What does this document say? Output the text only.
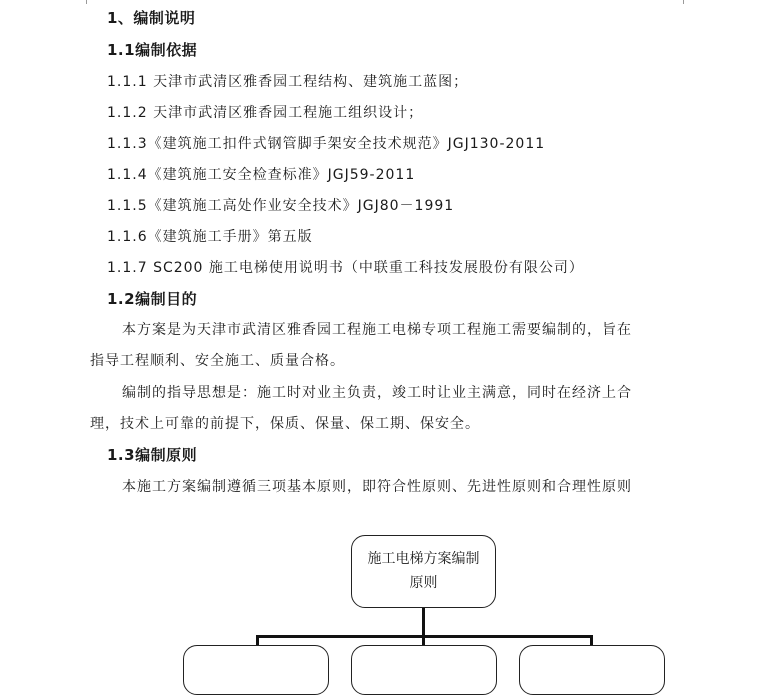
1、编制说明
1.1编制依据
1.1.1 天津市武清区雅香园工程结构、建筑施工蓝图；
1.1.2 天津市武清区雅香园工程施工组织设计；
1.1.3《建筑施工扣件式钢管脚手架安全技术规范》JGJ130-2011
1.1.4《建筑施工安全检查标准》JGJ59-2011
1.1.5《建筑施工高处作业安全技术》JGJ80－1991
1.1.6《建筑施工手册》第五版
1.1.7 SC200 施工电梯使用说明书（中联重工科技发展股份有限公司）
1.2编制目的
本方案是为天津市武清区雅香园工程施工电梯专项工程施工需要编制的，旨在
指导工程顺利、安全施工、质量合格。
编制的指导思想是：施工时对业主负责，竣工时让业主满意，同时在经济上合
理，技术上可靠的前提下，保质、保量、保工期、保安全。
1.3编制原则
本施工方案编制遵循三项基本原则，即符合性原则、先进性原则和合理性原则
施工电梯方案编制
原则
